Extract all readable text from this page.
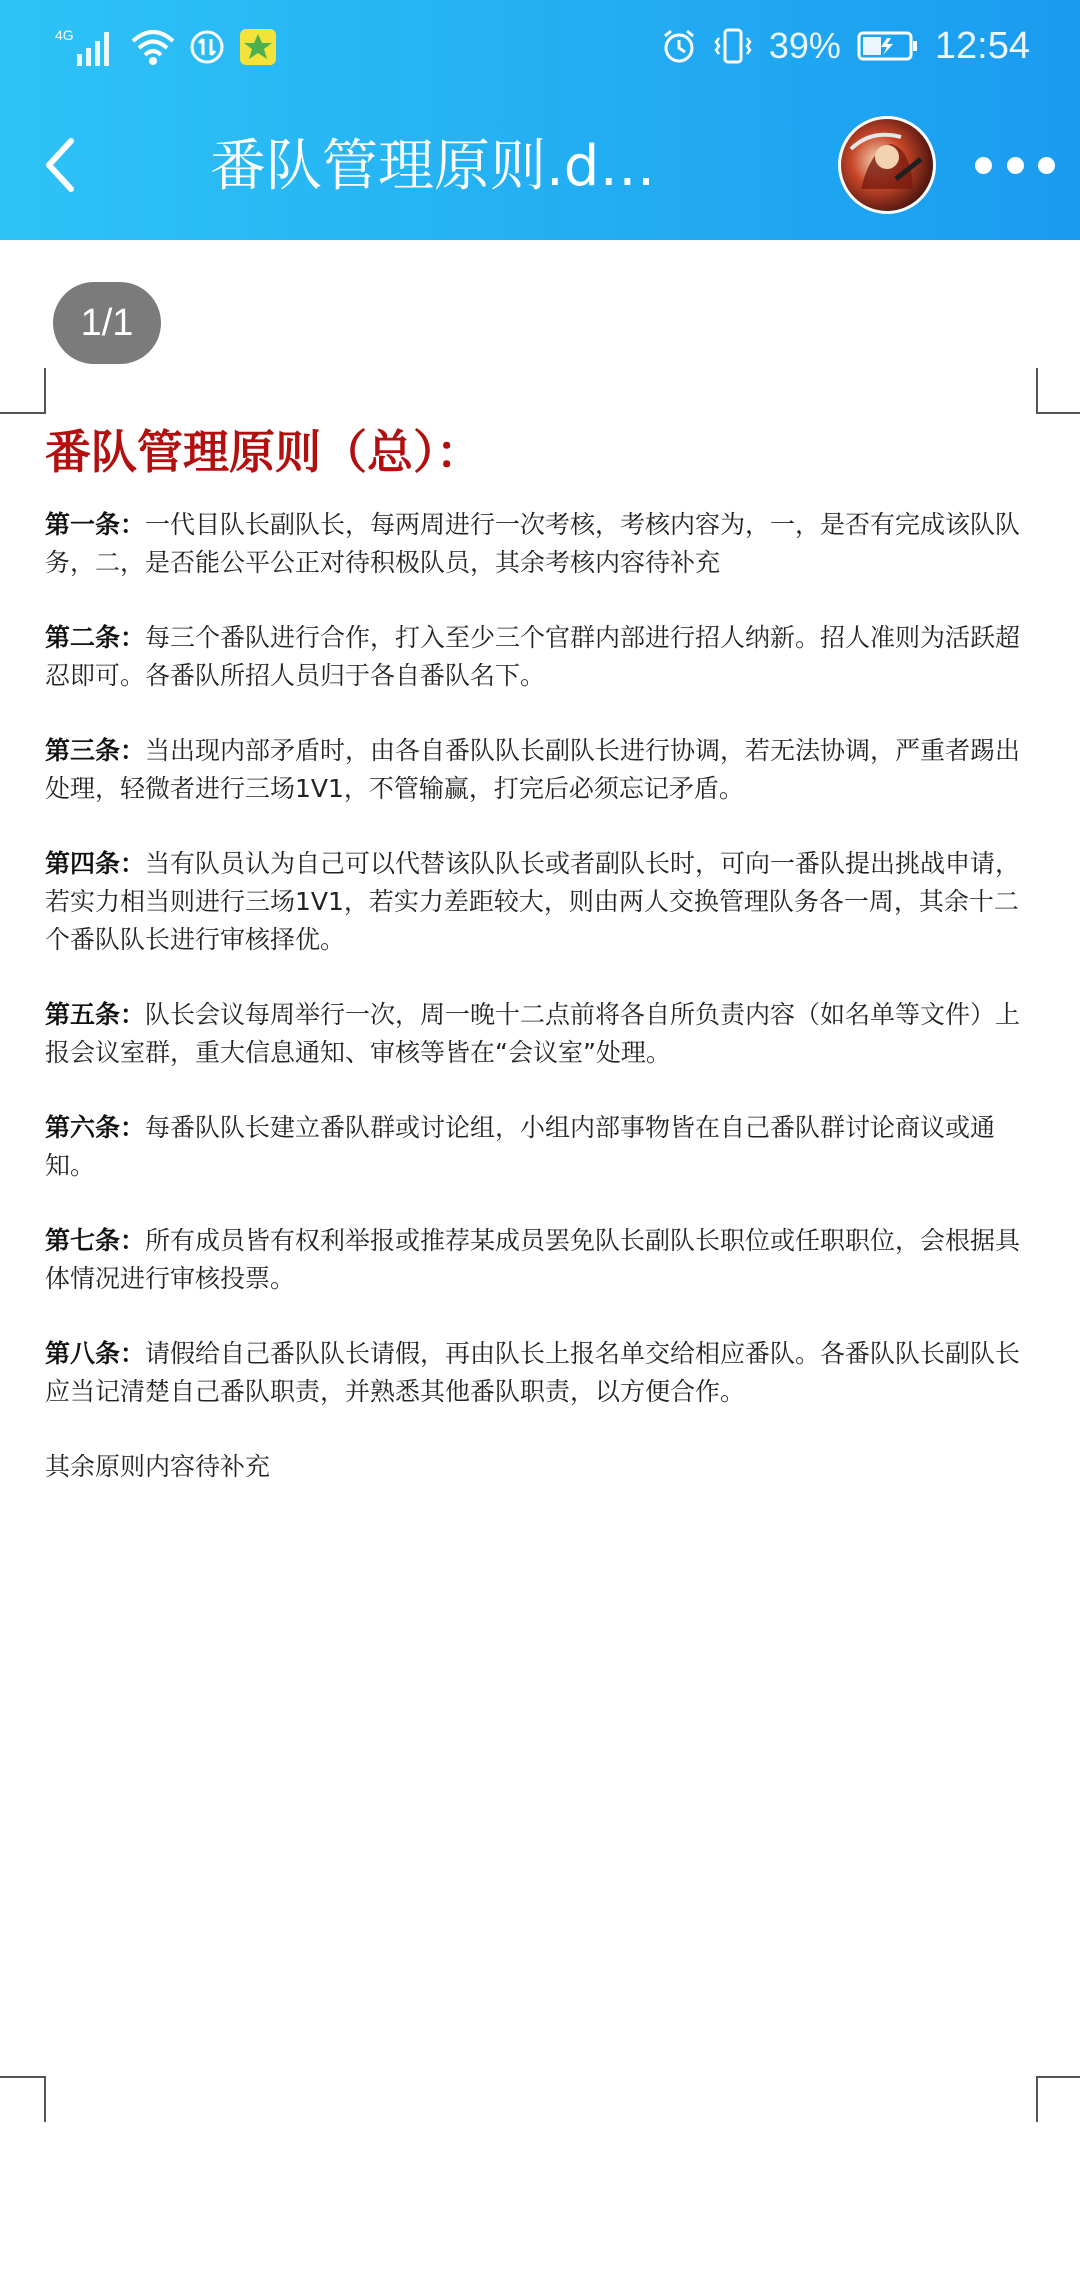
4G	39% 12:54
番队管理原则.d…
1/1
番队管理原则（总）：

第一条：一代目队长副队长，每两周进行一次考核，考核内容为，一，是否有完成该队队务，二，是否能公平公正对待积极队员，其余考核内容待补充

第二条：每三个番队进行合作，打入至少三个官群内部进行招人纳新。招人准则为活跃超忍即可。各番队所招人员归于各自番队名下。

第三条：当出现内部矛盾时，由各自番队队长副队长进行协调，若无法协调，严重者踢出处理，轻微者进行三场1V1，不管输赢，打完后必须忘记矛盾。

第四条：当有队员认为自己可以代替该队队长或者副队长时，可向一番队提出挑战申请，若实力相当则进行三场1V1，若实力差距较大，则由两人交换管理队务各一周，其余十二个番队队长进行审核择优。

第五条：队长会议每周举行一次，周一晚十二点前将各自所负责内容（如名单等文件）上报会议室群，重大信息通知、审核等皆在“会议室”处理。

第六条：每番队队长建立番队群或讨论组，小组内部事物皆在自己番队群讨论商议或通知。

第七条：所有成员皆有权利举报或推荐某成员罢免队长副队长职位或任职职位，会根据具体情况进行审核投票。

第八条：请假给自己番队队长请假，再由队长上报名单交给相应番队。各番队队长副队长应当记清楚自己番队职责，并熟悉其他番队职责，以方便合作。

其余原则内容待补充
